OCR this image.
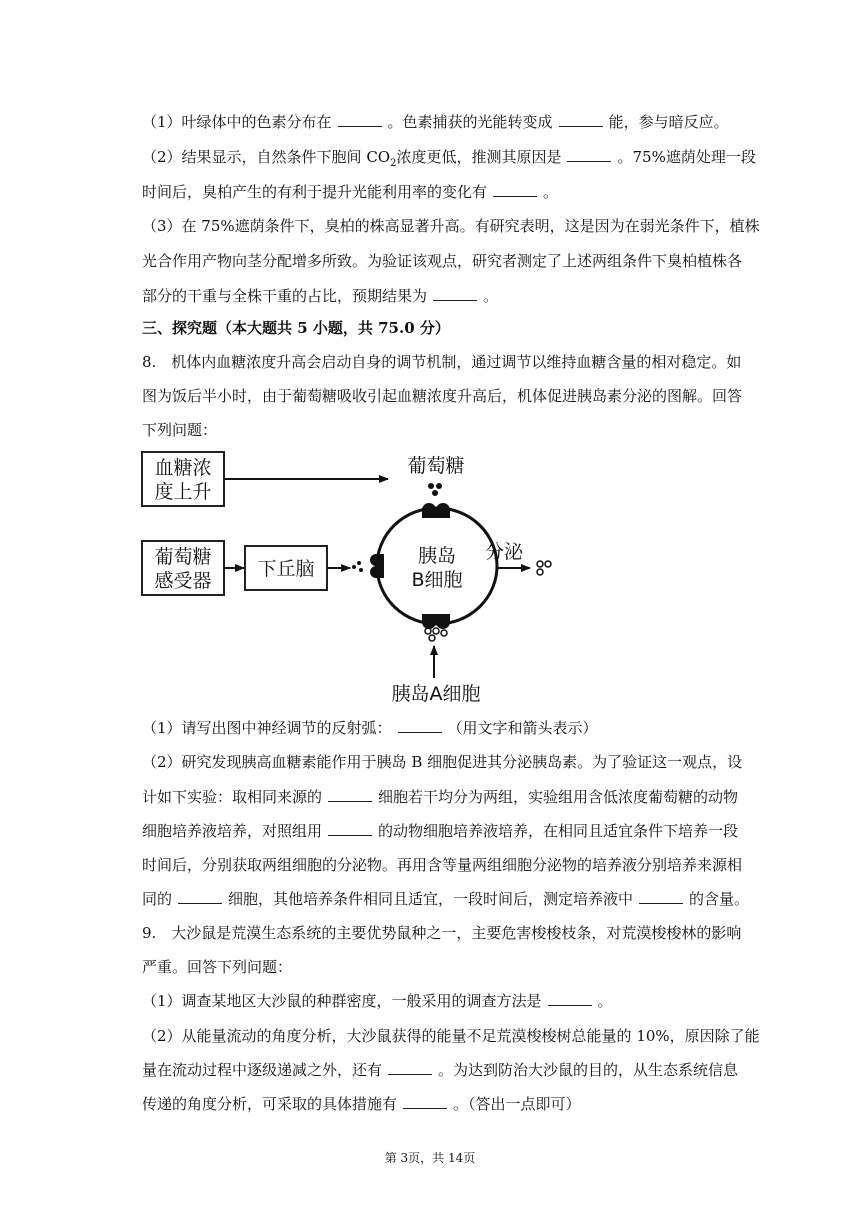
（1）叶绿体中的色素分布在	。色素捕获的光能转变成	能，参与暗反应。
（2）结果显示，自然条件下胞间 $CO_2$浓度更低，推测其原因是	。75%遮荫处理一段
时间后，臭柏产生的有利于提升光能利用率的变化有	。
（3）在 75%遮荫条件下，臭柏的株高显著升高。有研究表明，这是因为在弱光条件下，植株
光合作用产物向茎分配增多所致。为验证该观点，研究者测定了上述两组条件下臭柏植株各
部分的干重与全株干重的占比，预期结果为	。
三、探究题（本大题共 5 小题，共 75.0 分）
8.　机体内血糖浓度升高会启动自身的调节机制，通过调节以维持血糖含量的相对稳定。如
图为饭后半小时，由于葡萄糖吸收引起血糖浓度升高后，机体促进胰岛素分泌的图解。回答
下列问题：
血糖浓
度上升
葡萄糖
葡萄糖
感受器
下丘脑
胰岛
B细胞
分泌
胰岛A细胞
（1）请写出图中神经调节的反射弧：	（用文字和箭头表示）
（2）研究发现胰高血糖素能作用于胰岛 B 细胞促进其分泌胰岛素。为了验证这一观点，设
计如下实验：取相同来源的	细胞若干均分为两组，实验组用含低浓度葡萄糖的动物
细胞培养液培养，对照组用	的动物细胞培养液培养，在相同且适宜条件下培养一段
时间后，分别获取两组细胞的分泌物。再用含等量两组细胞分泌物的培养液分别培养来源相
同的	细胞，其他培养条件相同且适宜，一段时间后，测定培养液中	的含量。
9.　大沙鼠是荒漠生态系统的主要优势鼠种之一，主要危害梭梭枝条，对荒漠梭梭林的影响
严重。回答下列问题：
（1）调查某地区大沙鼠的种群密度，一般采用的调查方法是	。
（2）从能量流动的角度分析，大沙鼠获得的能量不足荒漠梭梭树总能量的 10%，原因除了能
量在流动过程中逐级递减之外，还有	。为达到防治大沙鼠的目的，从生态系统信息
传递的角度分析，可采取的具体措施有	。（答出一点即可）
第 3页，共 14页
